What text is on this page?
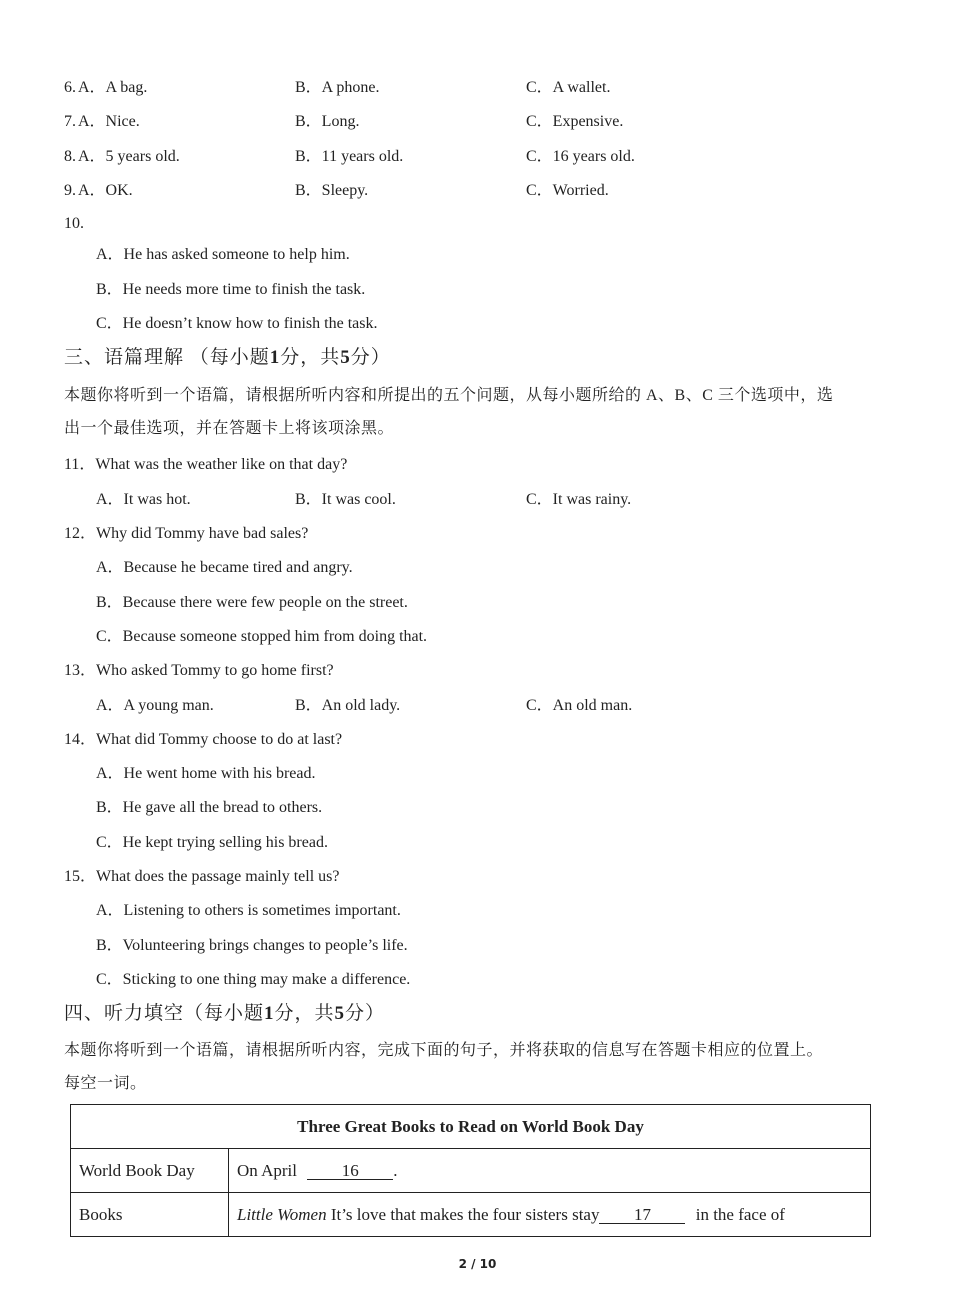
6. A．A bag.	B．A phone.	C．A wallet.
7. A．Nice.	B．Long.	C．Expensive.
8. A．5 years old.	B．11 years old.	C．16 years old.
9. A．OK.	B．Sleepy.	C．Worried.
10.
A．He has asked someone to help him.
B．He needs more time to finish the task.
C．He doesn’t know how to finish the task.
三、语篇理解 （每小题1分，共5分）
本题你将听到一个语篇，请根据所听内容和所提出的五个问题，从每小题所给的 A、B、C 三个选项中，选
出一个最佳选项，并在答题卡上将该项涂黑。
11．What was the weather like on that day?
A．It was hot.	B．It was cool.	C．It was rainy.
12．Why did Tommy have bad sales?
A．Because he became tired and angry.
B．Because there were few people on the street.
C．Because someone stopped him from doing that.
13．Who asked Tommy to go home first?
A．A young man.	B．An old lady.	C．An old man.
14．What did Tommy choose to do at last?
A．He went home with his bread.
B．He gave all the bread to others.
C．He kept trying selling his bread.
15．What does the passage mainly tell us?
A．Listening to others is sometimes important.
B．Volunteering brings changes to people’s life.
C．Sticking to one thing may make a difference.
四、听力填空（每小题1分，共5分）
本题你将听到一个语篇，请根据所听内容，完成下面的句子，并将获取的信息写在答题卡相应的位置上。
每空一词。
Three Great Books to Read on World Book Day	
World Book Day	On April 16 .
Books	Little Women It’s love that makes the four sisters stay 17 in the face of
2 / 10
